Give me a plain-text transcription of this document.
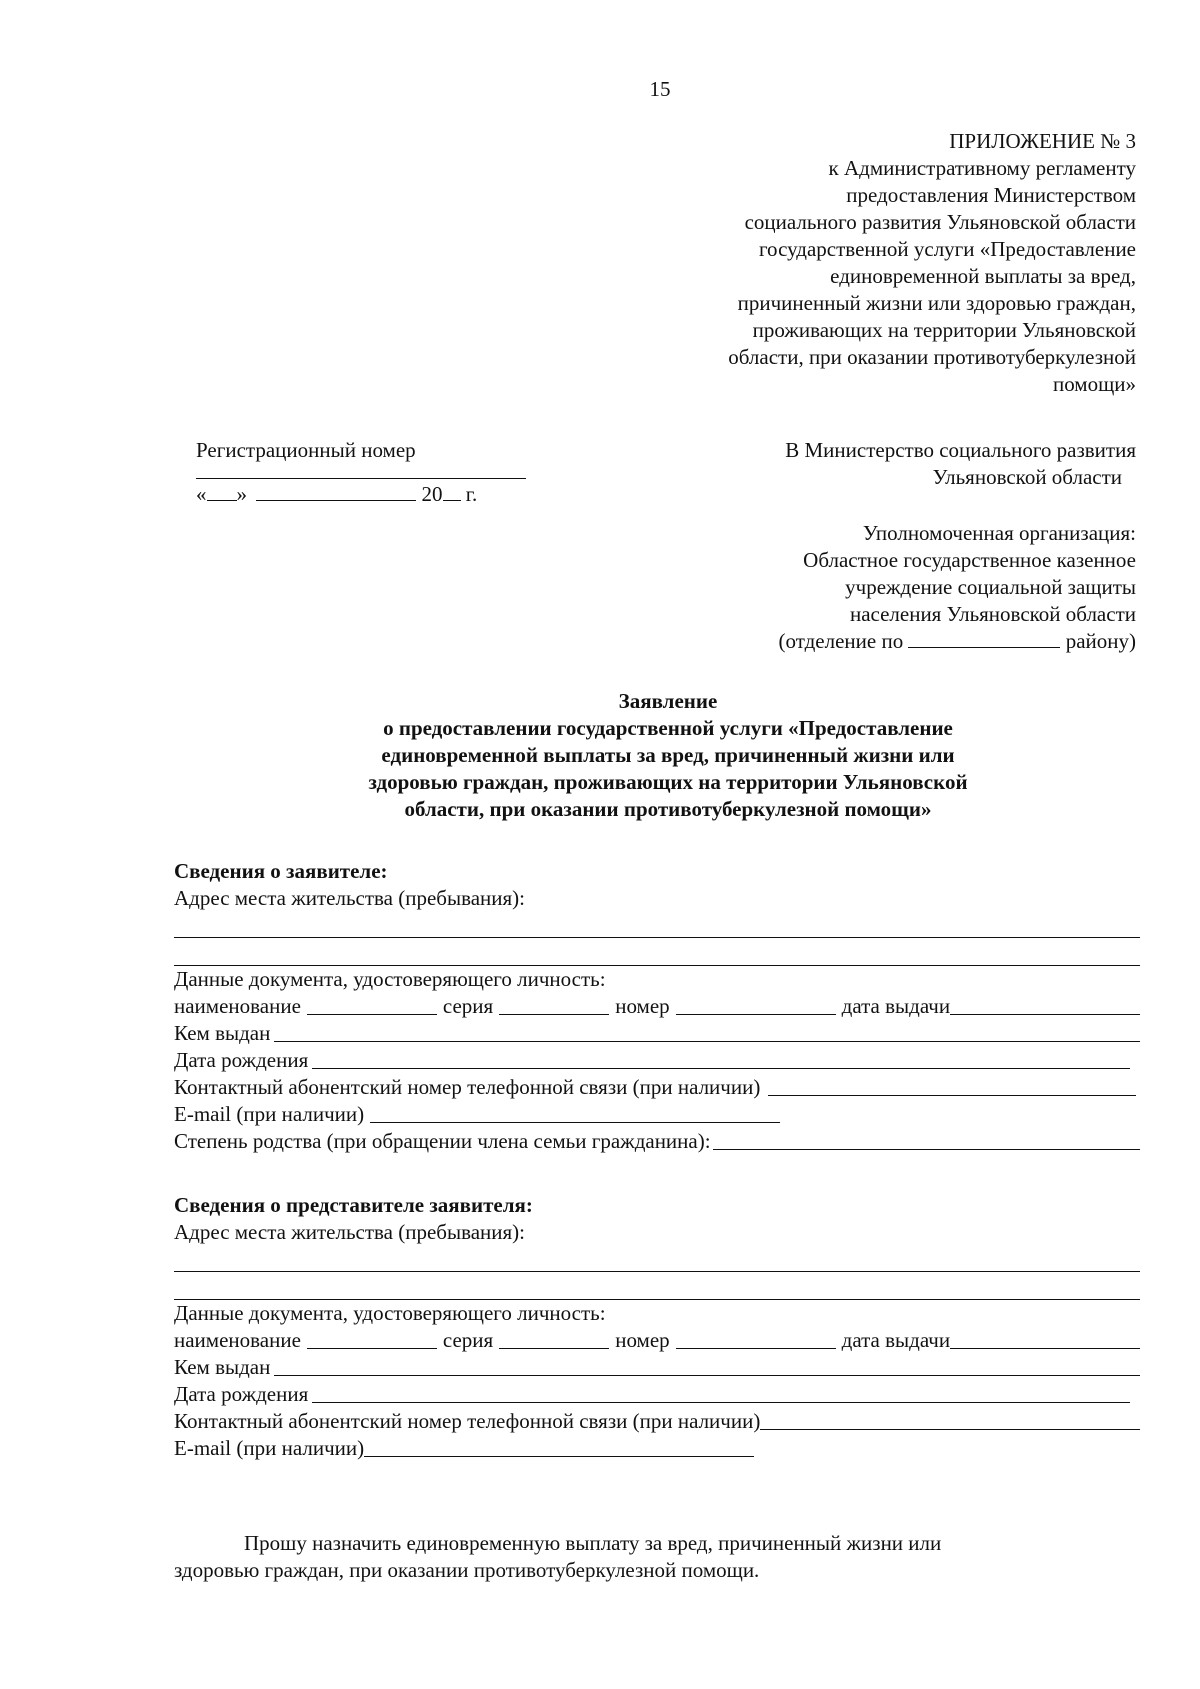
15
ПРИЛОЖЕНИЕ № 3
к Административному регламенту
предоставления Министерством
социального развития Ульяновской области
государственной услуги «Предоставление
единовременной выплаты за вред,
причиненный жизни или здоровью граждан,
проживающих на территории Ульяновской
области, при оказании противотуберкулезной
помощи»
Регистрационный номер
« »	20 г.
В Министерство социального развития
Ульяновской области
Уполномоченная организация:
Областное государственное казенное
учреждение социальной защиты
населения Ульяновской области
(отделение по	району)
Заявление
о предоставлении государственной услуги «Предоставление
единовременной выплаты за вред, причиненный жизни или
здоровью граждан, проживающих на территории Ульяновской
области, при оказании противотуберкулезной помощи»
Сведения о заявителе:
Адрес места жительства (пребывания):
Данные документа, удостоверяющего личность:
наименование	серия	номер	дата выдачи
Кем выдан
Дата рождения
Контактный абонентский номер телефонной связи (при наличии)
E-mail (при наличии)
Степень родства (при обращении члена семьи гражданина):
Сведения о представителе заявителя:
Адрес места жительства (пребывания):
Данные документа, удостоверяющего личность:
наименование	серия	номер	дата выдачи
Кем выдан
Дата рождения
Контактный абонентский номер телефонной связи (при наличии)
E-mail (при наличии)
Прошу назначить единовременную выплату за вред, причиненный жизни или
здоровью граждан, при оказании противотуберкулезной помощи.
